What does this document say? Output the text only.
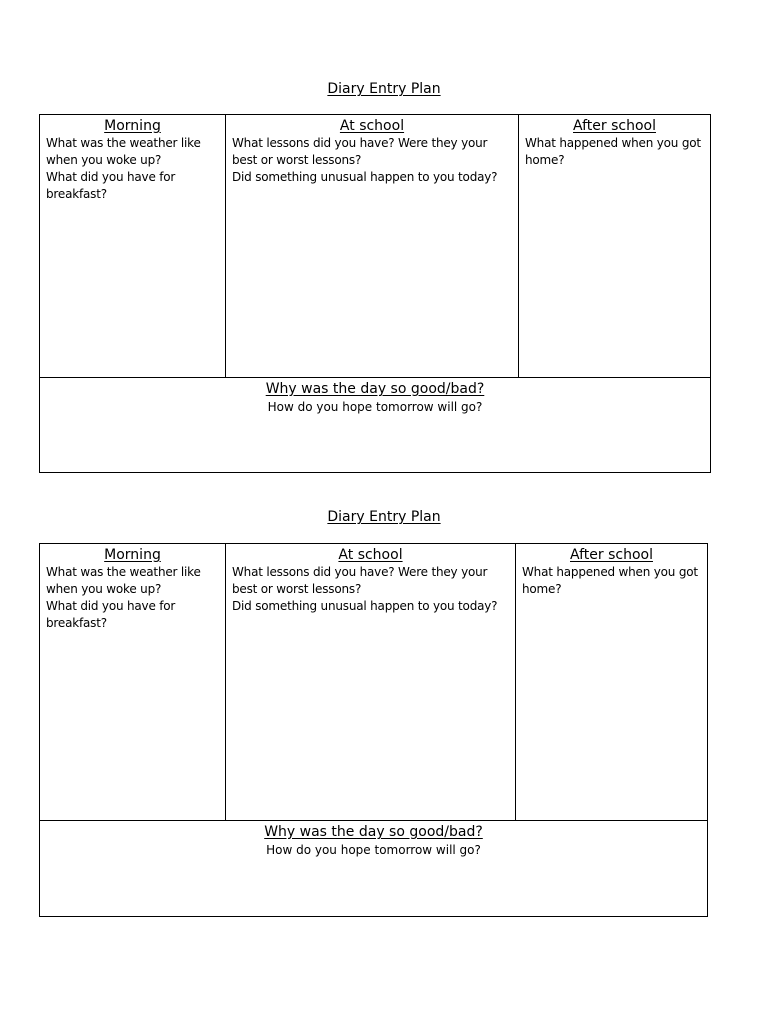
Diary Entry Plan
Morning
What was the weather like when you woke up?
What did you have for breakfast?
At school
What lessons did you have? Were they your best or worst lessons?
Did something unusual happen to you today?
After school
What happened when you got home?
Why was the day so good/bad?
How do you hope tomorrow will go?
Diary Entry Plan
Morning
What was the weather like when you woke up?
What did you have for breakfast?
At school
What lessons did you have? Were they your best or worst lessons?
Did something unusual happen to you today?
After school
What happened when you got home?
Why was the day so good/bad?
How do you hope tomorrow will go?
